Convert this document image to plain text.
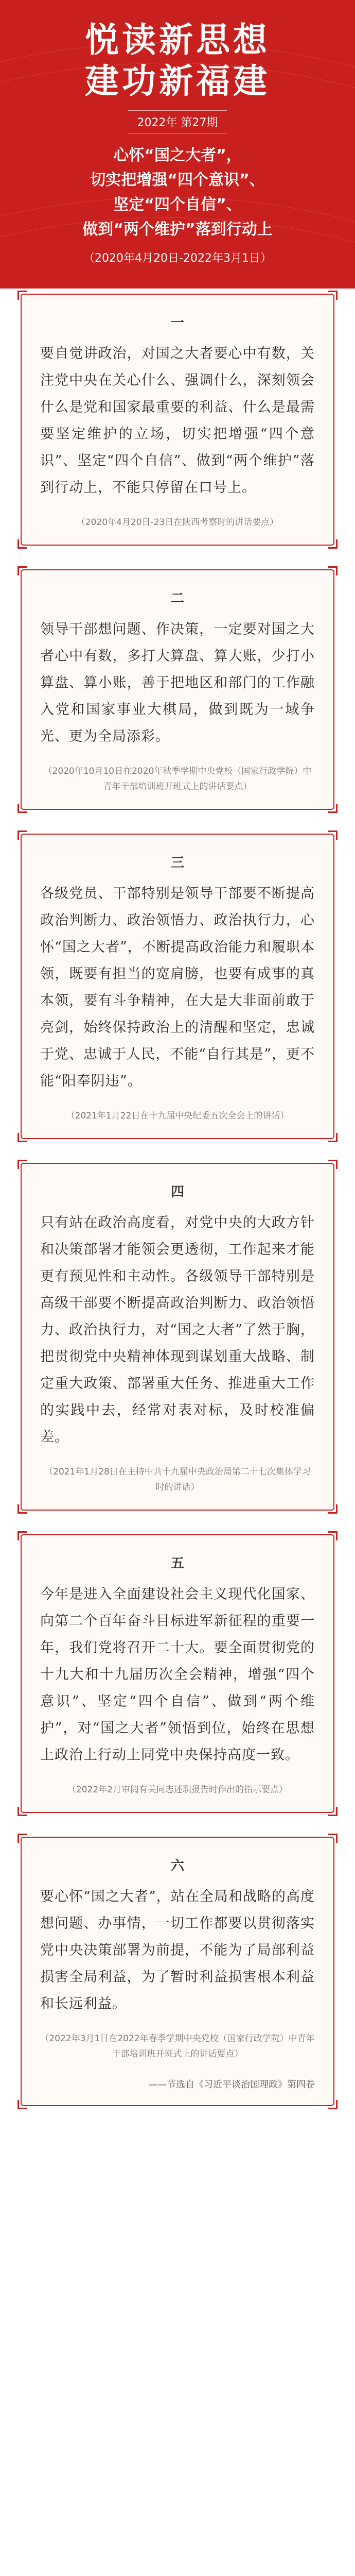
悦读新思想
建功新福建
2022年 第27期
心怀“国之大者”，
切实把增强“四个意识”、
坚定“四个自信”、
做到“两个维护”落到行动上
（2020年4月20日-2022年3月1日）
一
要自觉讲政治，对国之大者要心中有数，关注党中央在关心什么、强调什么，深刻领会什么是党和国家最重要的利益、什么是最需要坚定维护的立场，切实把增强“四个意识”、坚定“四个自信”、做到“两个维护”落到行动上，不能只停留在口号上。
（2020年4月20日-23日在陕西考察时的讲话要点）
二
领导干部想问题、作决策，一定要对国之大者心中有数，多打大算盘、算大账，少打小算盘、算小账，善于把地区和部门的工作融入党和国家事业大棋局，做到既为一域争光、更为全局添彩。
（2020年10月10日在2020年秋季学期中央党校（国家行政学院）中青年干部培训班开班式上的讲话要点）
三
各级党员、干部特别是领导干部要不断提高政治判断力、政治领悟力、政治执行力，心怀“国之大者”，不断提高政治能力和履职本领，既要有担当的宽肩膀，也要有成事的真本领，要有斗争精神，在大是大非面前敢于亮剑，始终保持政治上的清醒和坚定，忠诚于党、忠诚于人民，不能“自行其是”，更不能“阳奉阴违”。
（2021年1月22日在十九届中央纪委五次全会上的讲话）
四
只有站在政治高度看，对党中央的大政方针和决策部署才能领会更透彻，工作起来才能更有预见性和主动性。各级领导干部特别是高级干部要不断提高政治判断力、政治领悟力、政治执行力，对“国之大者”了然于胸，把贯彻党中央精神体现到谋划重大战略、制定重大政策、部署重大任务、推进重大工作的实践中去，经常对表对标，及时校准偏差。
（2021年1月28日在主持中共十九届中央政治局第二十七次集体学习时的讲话）
五
今年是进入全面建设社会主义现代化国家、向第二个百年奋斗目标进军新征程的重要一年，我们党将召开二十大。要全面贯彻党的十九大和十九届历次全会精神，增强“四个意识”、坚定“四个自信”、做到“两个维护”，对“国之大者”领悟到位，始终在思想上政治上行动上同党中央保持高度一致。
（2022年2月审阅有关同志述职报告时作出的指示要点）
六
要心怀“国之大者”，站在全局和战略的高度想问题、办事情，一切工作都要以贯彻落实党中央决策部署为前提，不能为了局部利益损害全局利益，为了暂时利益损害根本利益和长远利益。
（2022年3月1日在2022年春季学期中央党校（国家行政学院）中青年干部培训班开班式上的讲话要点）
——节选自《习近平谈治国理政》第四卷
